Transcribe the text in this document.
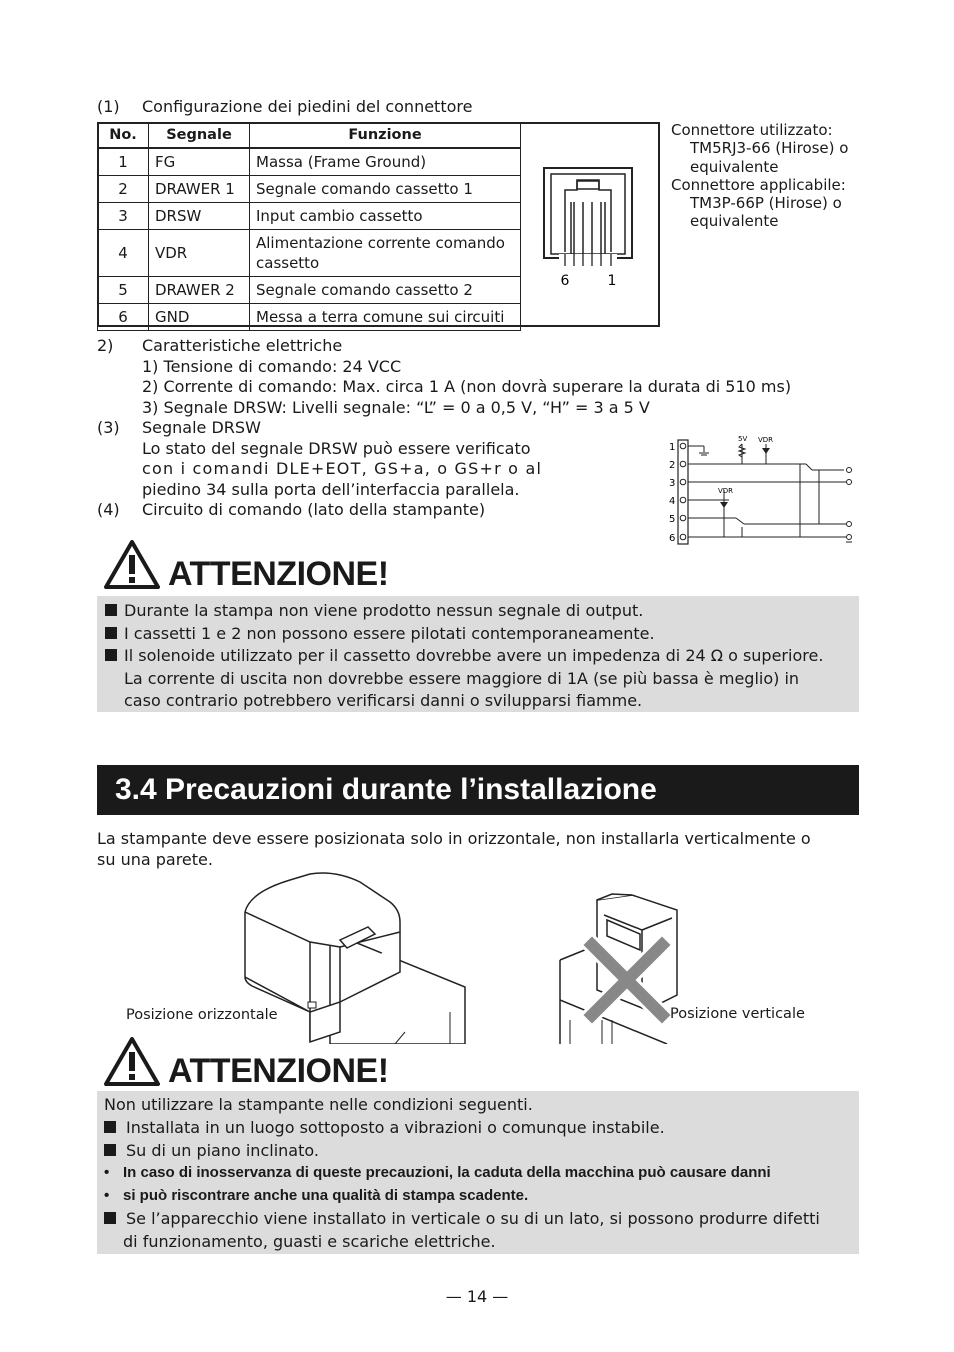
(1) Configurazione dei piedini del connettore
No.	Segnale	Funzione
1	FG	Massa (Frame Ground)
2	DRAWER 1	Segnale comando cassetto 1
3	DRSW	Input cambio cassetto
4	VDR	Alimentazione corrente comando cassetto
5	DRAWER 2	Segnale comando cassetto 2
6	GND	Messa a terra comune sui circuiti
6	1
Connettore utilizzato:
TM5RJ3-66 (Hirose) o
equivalente
Connettore applicabile:
TM3P-66P (Hirose) o
equivalente
2) Caratteristiche elettriche
1) Tensione di comando: 24 VCC
2) Corrente di comando: Max. circa 1 A (non dovrà superare la durata di 510 ms)
3) Segnale DRSW: Livelli segnale: “L” = 0 a 0,5 V, “H” = 3 a 5 V
(3) Segnale DRSW
Lo stato del segnale DRSW può essere verificato
con i comandi DLE+EOT, GS+a, o GS+r o al
piedino 34 sulla porta dell’interfaccia parallela.
(4) Circuito di comando (lato della stampante)
1
2
3
4
5
6
5V VDR
VDR
ATTENZIONE!
Durante la stampa non viene prodotto nessun segnale di output.
I cassetti 1 e 2 non possono essere pilotati contemporaneamente.
Il solenoide utilizzato per il cassetto dovrebbe avere un impedenza di 24 Ω o superiore.
La corrente di uscita non dovrebbe essere maggiore di 1A (se più bassa è meglio) in
caso contrario potrebbero verificarsi danni o svilupparsi fiamme.
3.4 Precauzioni durante l’installazione
La stampante deve essere posizionata solo in orizzontale, non installarla verticalmente o
su una parete.
Posizione orizzontale	Posizione verticale
ATTENZIONE!
Non utilizzare la stampante nelle condizioni seguenti.
Installata in un luogo sottoposto a vibrazioni o comunque instabile.
Su di un piano inclinato.
• In caso di inosservanza di queste precauzioni, la caduta della macchina può causare danni
• si può riscontrare anche una qualità di stampa scadente.
Se l’apparecchio viene installato in verticale o su di un lato, si possono produrre difetti
di funzionamento, guasti e scariche elettriche.
— 14 —
